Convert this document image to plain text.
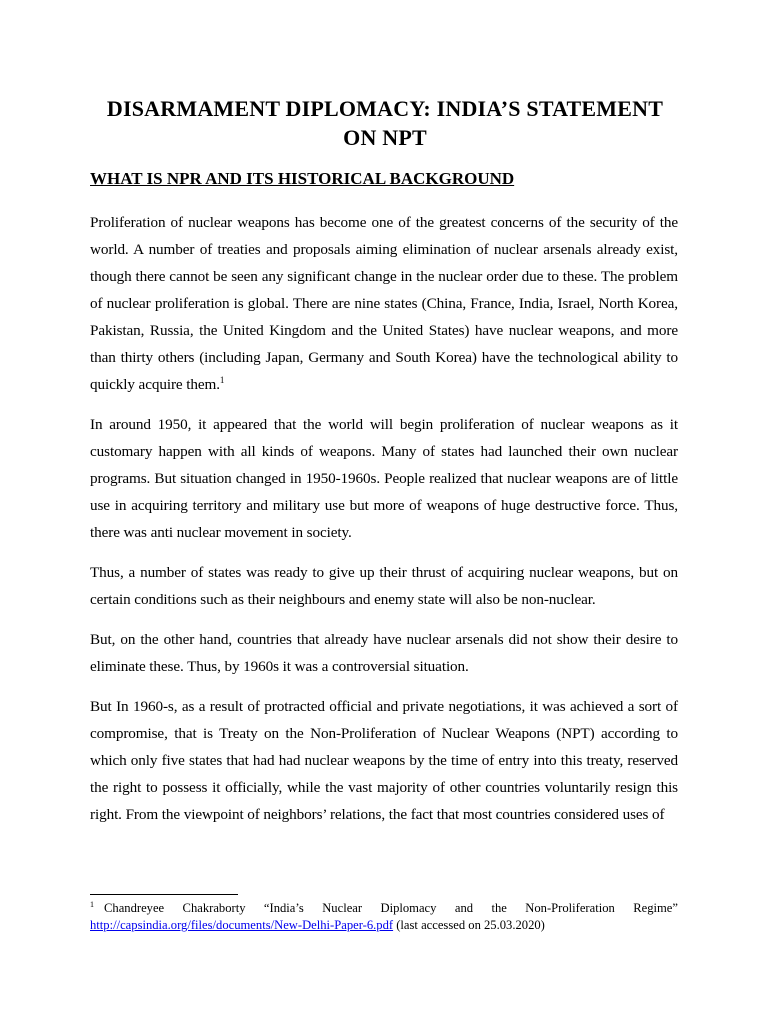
DISARMAMENT DIPLOMACY: INDIA’S STATEMENT ON NPT
WHAT IS NPR AND ITS HISTORICAL BACKGROUND

Proliferation of nuclear weapons has become one of the greatest concerns of the security of the world. A number of treaties and proposals aiming elimination of nuclear arsenals already exist, though there cannot be seen any significant change in the nuclear order due to these. The problem of nuclear proliferation is global. There are nine states (China, France, India, Israel, North Korea, Pakistan, Russia, the United Kingdom and the United States) have nuclear weapons, and more than thirty others (including Japan, Germany and South Korea) have the technological ability to quickly acquire them.$^1$

In around 1950, it appeared that the world will begin proliferation of nuclear weapons as it customary happen with all kinds of weapons. Many of states had launched their own nuclear programs. But situation changed in 1950-1960s. People realized that nuclear weapons are of little use in acquiring territory and military use but more of weapons of huge destructive force. Thus, there was anti nuclear movement in society.

Thus, a number of states was ready to give up their thrust of acquiring nuclear weapons, but on certain conditions such as their neighbours and enemy state will also be non-nuclear.

But, on the other hand, countries that already have nuclear arsenals did not show their desire to eliminate these. Thus, by 1960s it was a controversial situation.

But In 1960-s, as a result of protracted official and private negotiations, it was achieved a sort of compromise, that is Treaty on the Non-Proliferation of Nuclear Weapons (NPT) according to which only five states that had had nuclear weapons by the time of entry into this treaty, reserved the right to possess it officially, while the vast majority of other countries voluntarily resign this right. From the viewpoint of neighbors’ relations, the fact that most countries considered uses of

$^1$ Chandreyee Chakraborty “India’s Nuclear Diplomacy and the Non-Proliferation Regime”

http://capsindia.org/files/documents/New-Delhi-Paper-6.pdf (last accessed on 25.03.2020)
